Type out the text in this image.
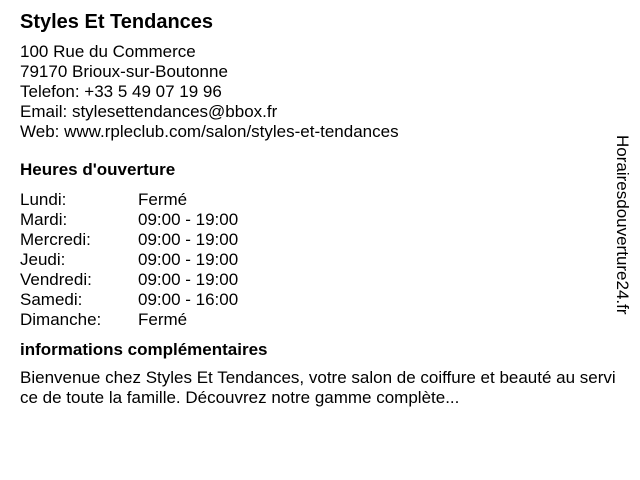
Styles Et Tendances
100 Rue du Commerce
79170 Brioux-sur-Boutonne
Telefon: +33 5 49 07 19 96
Email: stylesettendances@bbox.fr
Web: www.rpleclub.com/salon/styles-et-tendances
Heures d'ouverture
Lundi:	Fermé
Mardi:	09:00 - 19:00
Mercredi:	09:00 - 19:00
Jeudi:	09:00 - 19:00
Vendredi:	09:00 - 19:00
Samedi:	09:00 - 16:00
Dimanche:	Fermé
informations complémentaires

Bienvenue chez Styles Et Tendances, votre salon de coiffure et beauté au service de toute la famille. Découvrez notre gamme complète...

Horairesdouverture24.fr
